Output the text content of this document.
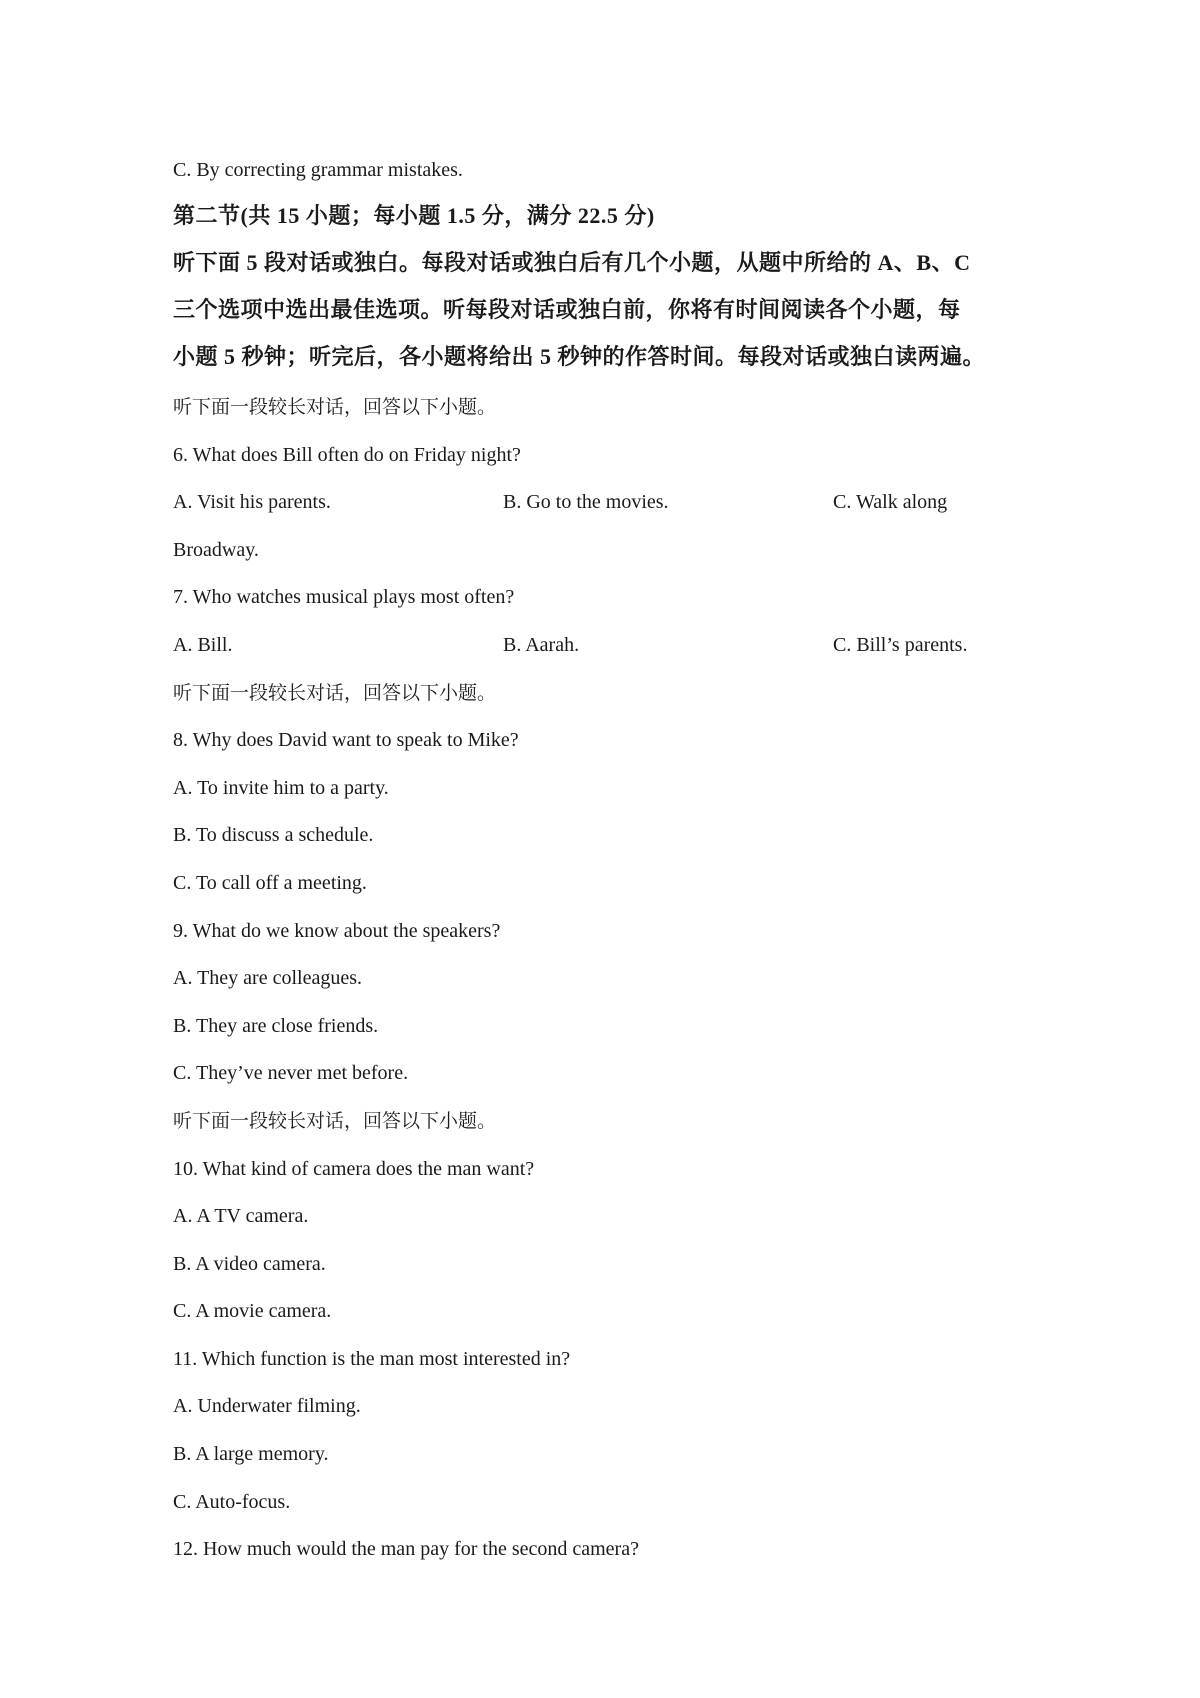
C. By correcting grammar mistakes.
第二节(共 15 小题；每小题 1.5 分，满分 22.5 分)
听下面 5 段对话或独白。每段对话或独白后有几个小题，从题中所给的 A、B、C
三个选项中选出最佳选项。听每段对话或独白前，你将有时间阅读各个小题，每
小题 5 秒钟；听完后，各小题将给出 5 秒钟的作答时间。每段对话或独白读两遍。
听下面一段较长对话，回答以下小题。
6. What does Bill often do on Friday night?
A. Visit his parents.	B. Go to the movies.	C. Walk along
Broadway.
7. Who watches musical plays most often?
A. Bill.	B. Aarah.	C. Bill’s parents.
听下面一段较长对话，回答以下小题。
8. Why does David want to speak to Mike?
A. To invite him to a party.
B. To discuss a schedule.
C. To call off a meeting.
9. What do we know about the speakers?
A. They are colleagues.
B. They are close friends.
C. They’ve never met before.
听下面一段较长对话，回答以下小题。
10. What kind of camera does the man want?
A. A TV camera.
B. A video camera.
C. A movie camera.
11. Which function is the man most interested in?
A. Underwater filming.
B. A large memory.
C. Auto-focus.
12. How much would the man pay for the second camera?
